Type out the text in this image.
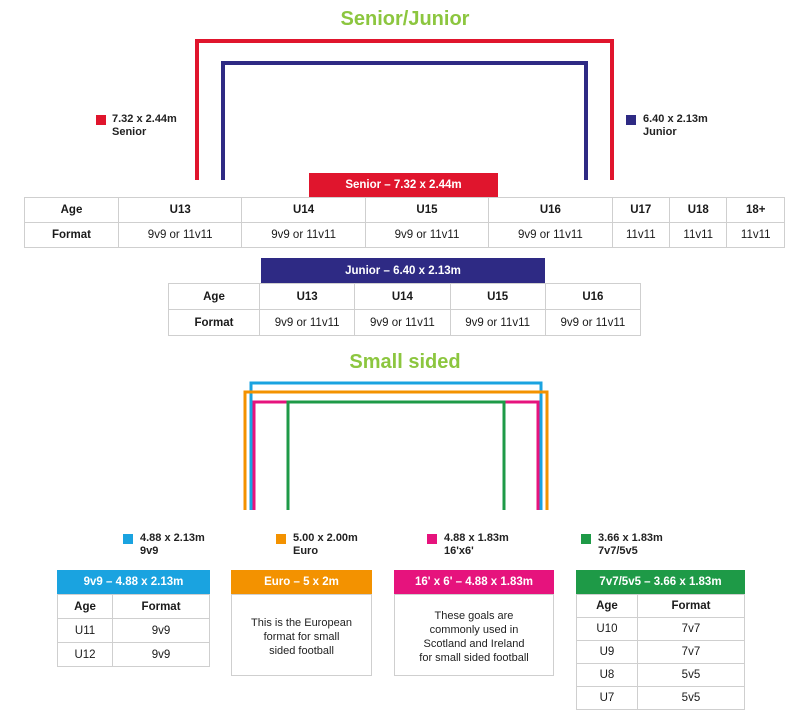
Senior/Junior
7.32 x 2.44m
Senior
6.40 x 2.13m
Junior
Senior – 7.32 x 2.44m
Age	U13	U14	U15	U16	U17	U18	18+
Format	9v9 or 11v11	9v9 or 11v11	9v9 or 11v11	9v9 or 11v11	11v11	11v11	11v11
Junior – 6.40 x 2.13m
Age	U13	U14	U15	U16
Format	9v9 or 11v11	9v9 or 11v11	9v9 or 11v11	9v9 or 11v11
Small sided
4.88 x 2.13m
9v9
5.00 x 2.00m
Euro
4.88 x 1.83m
16'x6'
3.66 x 1.83m
7v7/5v5
9v9 – 4.88 x 2.13m
Age	Format
U11	9v9
U12	9v9
Euro – 5 x 2m
This is the European
format for small
sided football
16' x 6' – 4.88 x 1.83m
These goals are
commonly used in
Scotland and Ireland
for small sided football
7v7/5v5 – 3.66 x 1.83m
Age	Format
U10	7v7
U9	7v7
U8	5v5
U7	5v5
